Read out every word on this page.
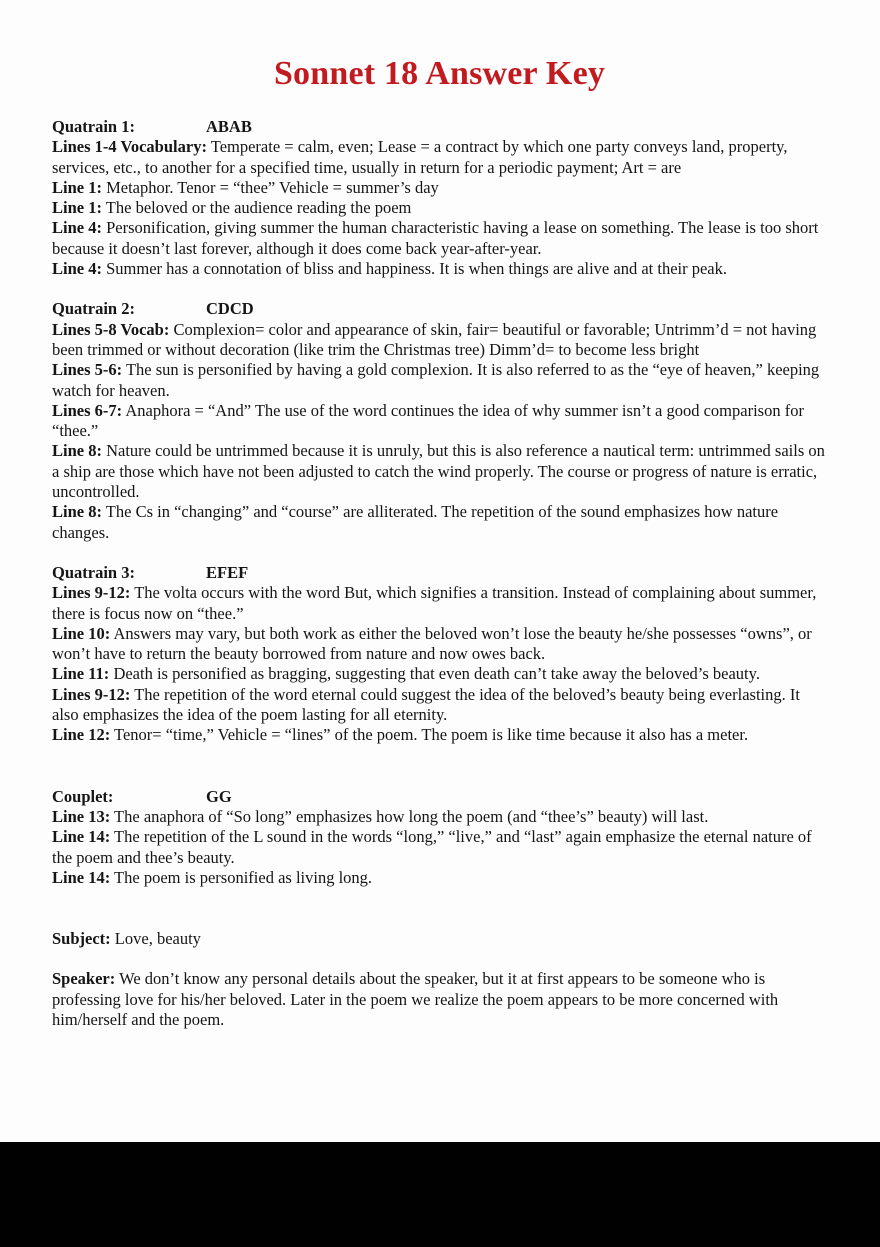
Sonnet 18 Answer Key

Quatrain 1:	ABAB

Lines 1-4 Vocabulary: Temperate = calm, even; Lease = a contract by which one party conveys land, property, services, etc., to another for a specified time, usually in return for a periodic payment; Art = are

Line 1: Metaphor. Tenor = “thee” Vehicle = summer’s day

Line 1: The beloved or the audience reading the poem

Line 4: Personification, giving summer the human characteristic having a lease on something. The lease is too short because it doesn’t last forever, although it does come back year-after-year.

Line 4: Summer has a connotation of bliss and happiness. It is when things are alive and at their peak.

Quatrain 2:	CDCD

Lines 5-8 Vocab: Complexion= color and appearance of skin, fair= beautiful or favorable; Untrimm’d = not having been trimmed or without decoration (like trim the Christmas tree) Dimm’d= to become less bright

Lines 5-6: The sun is personified by having a gold complexion. It is also referred to as the “eye of heaven,” keeping watch for heaven.

Lines 6-7: Anaphora = “And” The use of the word continues the idea of why summer isn’t a good comparison for “thee.”

Line 8: Nature could be untrimmed because it is unruly, but this is also reference a nautical term: untrimmed sails on a ship are those which have not been adjusted to catch the wind properly. The course or progress of nature is erratic, uncontrolled.

Line 8: The Cs in “changing” and “course” are alliterated. The repetition of the sound emphasizes how nature changes.

Quatrain 3:	EFEF

Lines 9-12: The volta occurs with the word But, which signifies a transition. Instead of complaining about summer, there is focus now on “thee.”

Line 10: Answers may vary, but both work as either the beloved won’t lose the beauty he/she possesses “owns”, or won’t have to return the beauty borrowed from nature and now owes back.

Line 11: Death is personified as bragging, suggesting that even death can’t take away the beloved’s beauty.

Lines 9-12: The repetition of the word eternal could suggest the idea of the beloved’s beauty being everlasting. It also emphasizes the idea of the poem lasting for all eternity.

Line 12: Tenor= “time,” Vehicle = “lines” of the poem. The poem is like time because it also has a meter.

Couplet:	GG

Line 13: The anaphora of “So long” emphasizes how long the poem (and “thee’s” beauty) will last.

Line 14: The repetition of the L sound in the words “long,” “live,” and “last” again emphasize the eternal nature of the poem and thee’s beauty.

Line 14: The poem is personified as living long.

Subject: Love, beauty

Speaker: We don’t know any personal details about the speaker, but it at first appears to be someone who is professing love for his/her beloved. Later in the poem we realize the poem appears to be more concerned with him/herself and the poem.
